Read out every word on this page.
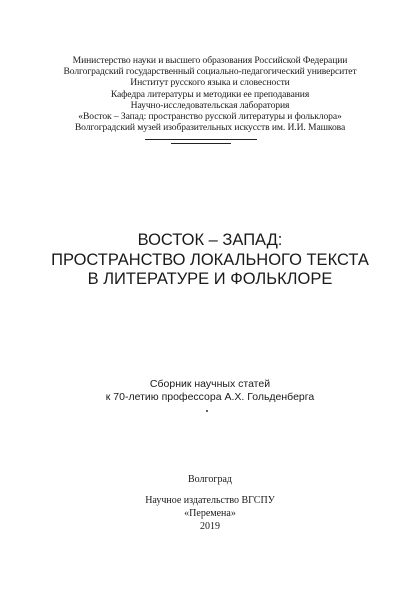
Министерство науки и высшего образования Российской Федерации
Волгоградский государственный социально-педагогический университет
Институт русского языка и словесности
Кафедра литературы и методики ее преподавания
Научно-исследовательская лаборатория
«Восток – Запад: пространство русской литературы и фольклора»
Волгоградский музей изобразительных искусств им. И.И. Машкова
ВОСТОК – ЗАПАД:
ПРОСТРАНСТВО ЛОКАЛЬНОГО ТЕКСТА
В ЛИТЕРАТУРЕ И ФОЛЬКЛОРЕ
Сборник научных статей
к 70-летию профессора А.Х. Гольденберга
Волгоград
Научное издательство ВГСПУ
«Перемена»
2019
